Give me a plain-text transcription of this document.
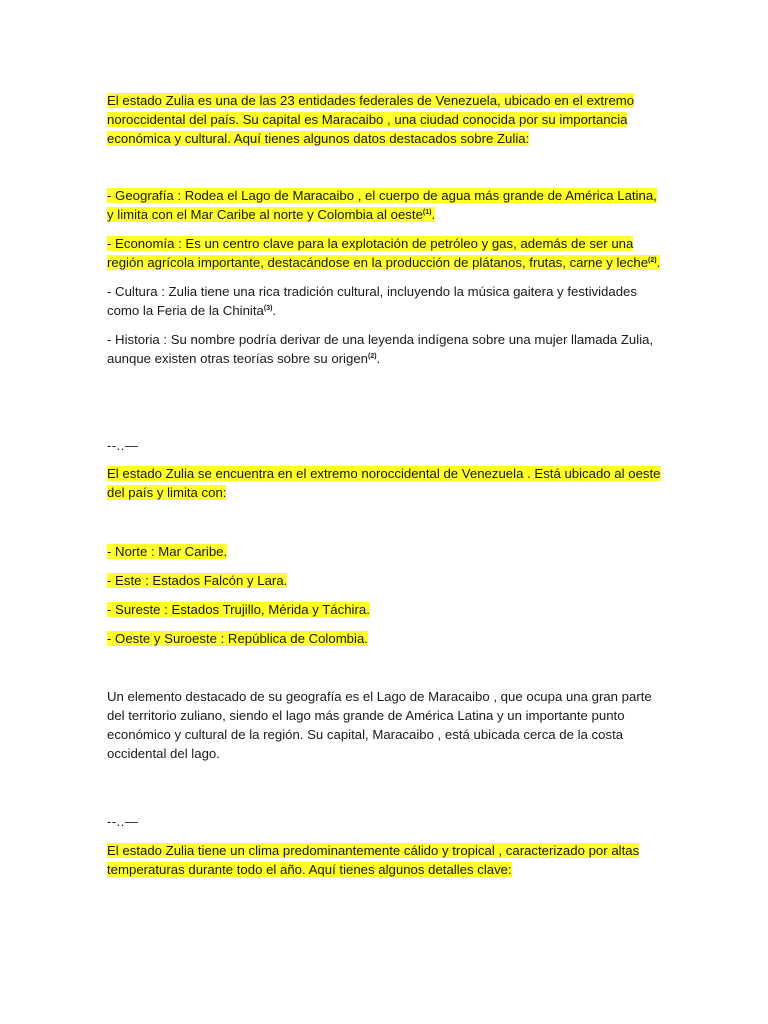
El estado Zulia es una de las 23 entidades federales de Venezuela, ubicado en el extremo noroccidental del país. Su capital es Maracaibo , una ciudad conocida por su importancia económica y cultural. Aquí tienes algunos datos destacados sobre Zulia:

- Geografía : Rodea el Lago de Maracaibo , el cuerpo de agua más grande de América Latina, y limita con el Mar Caribe al norte y Colombia al oeste$^{(1)}$.

- Economía : Es un centro clave para la explotación de petróleo y gas, además de ser una región agrícola importante, destacándose en la producción de plátanos, frutas, carne y leche$^{(2)}$.

- Cultura : Zulia tiene una rica tradición cultural, incluyendo la música gaitera y festividades como la Feria de la Chinita$^{(3)}$.

- Historia : Su nombre podría derivar de una leyenda indígena sobre una mujer llamada Zulia, aunque existen otras teorías sobre su origen$^{(2)}$.

--..—

El estado Zulia se encuentra en el extremo noroccidental de Venezuela . Está ubicado al oeste del país y limita con:

- Norte : Mar Caribe.

- Este : Estados Falcón y Lara.

- Sureste : Estados Trujillo, Mérida y Táchira.

- Oeste y Suroeste : República de Colombia.

Un elemento destacado de su geografía es el Lago de Maracaibo , que ocupa una gran parte del territorio zuliano, siendo el lago más grande de América Latina y un importante punto económico y cultural de la región. Su capital, Maracaibo , está ubicada cerca de la costa occidental del lago.

--..—

El estado Zulia tiene un clima predominantemente cálido y tropical , caracterizado por altas temperaturas durante todo el año. Aquí tienes algunos detalles clave:
